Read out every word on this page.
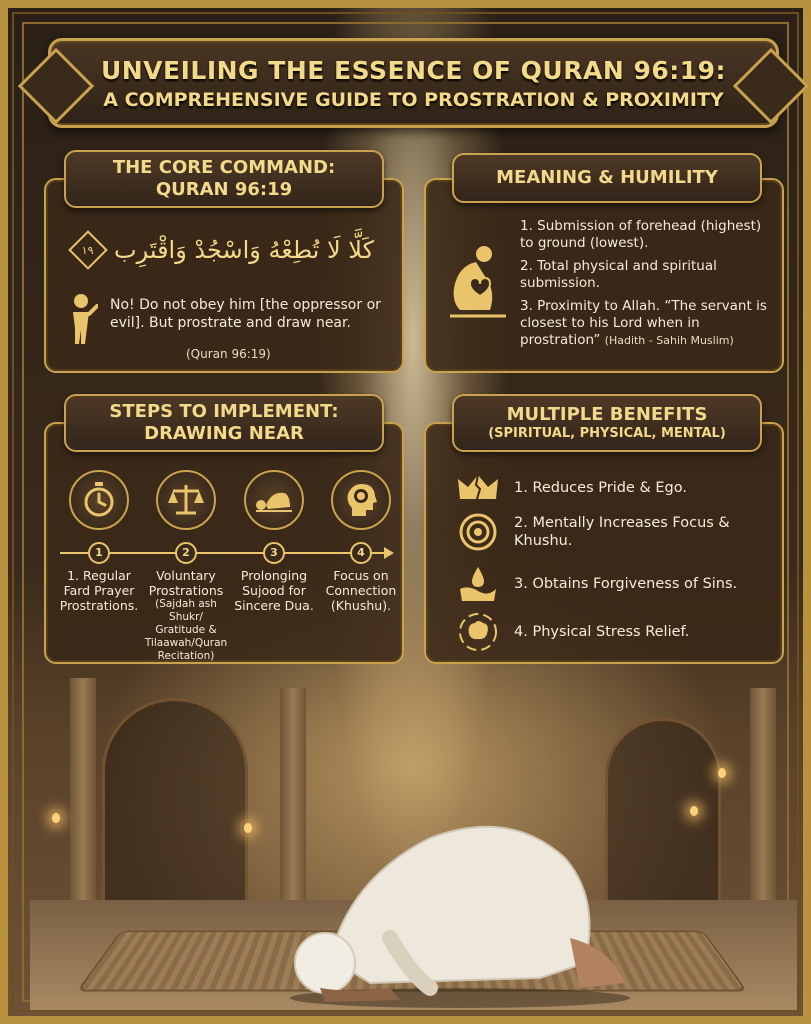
UNVEILING THE ESSENCE OF QURAN 96:19:
A COMPREHENSIVE GUIDE TO PROSTRATION & PROXIMITY
١٩ كَلَّا لَا تُطِعْهُ وَاسْجُدْ وَاقْتَرِب
No! Do not obey him [the oppressor or evil]. But prostrate and draw near.
(Quran 96:19)
THE CORE COMMAND:
QURAN 96:19
1. Submission of forehead (highest) to ground (lowest).
2. Total physical and spiritual submission.
3. Proximity to Allah. “The servant is closest to his Lord when in prostration” (Hadith - Sahih Muslim)
MEANING & HUMILITY
1
1. Regular Fard Prayer Prostrations.
2
Voluntary Prostrations
(Sajdah ash Shukr/ Gratitude & Tilaawah/Quran Recitation)
3
Prolonging Sujood for Sincere Dua.
4
Focus on Connection (Khushu).
STEPS TO IMPLEMENT:
DRAWING NEAR
1. Reduces Pride & Ego.
2. Mentally Increases Focus & Khushu.
3. Obtains Forgiveness of Sins.
4. Physical Stress Relief.
MULTIPLE BENEFITS
(SPIRITUAL, PHYSICAL, MENTAL)
